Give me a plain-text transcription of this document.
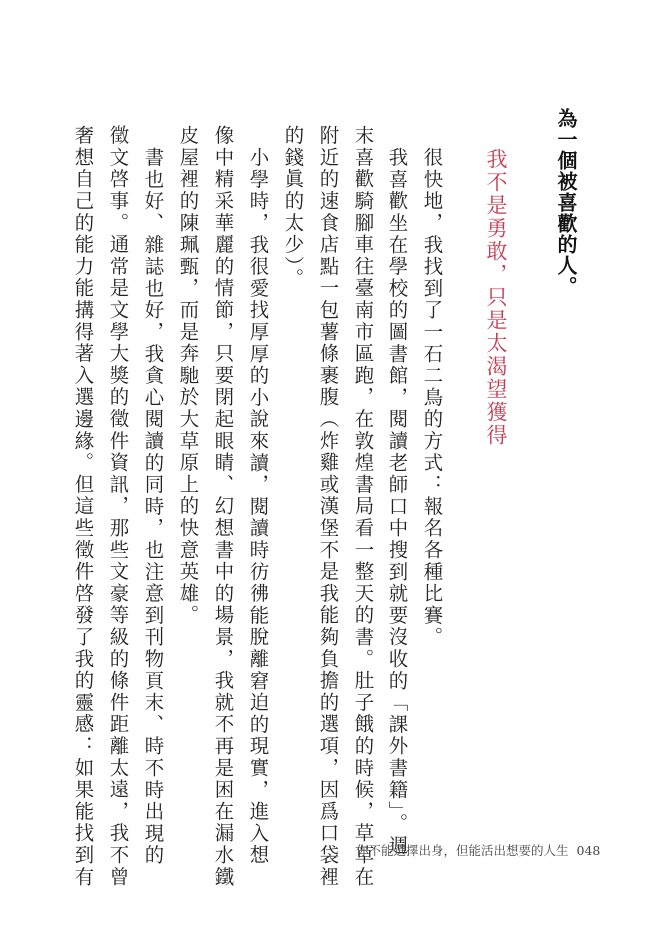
為一個被喜歡的人。
我不是勇敢，只是太渴望獲得
很快地，我找到了一石二鳥的方式：報名各種比賽。
我喜歡坐在學校的圖書館，閱讀老師口中搜到就要沒收的「課外書籍」。週
末喜歡騎腳車往臺南市區跑，在敦煌書局看一整天的書。肚子餓的時候，草草在
附近的速食店點一包薯條裹腹（炸雞或漢堡不是我能夠負擔的選項，因爲口袋裡
的錢眞的太少）。
小學時，我很愛找厚厚的小說來讀，閱讀時彷彿能脫離窘迫的現實，進入想
像中精采華麗的情節，只要閉起眼睛、幻想書中的場景，我就不再是困在漏水鐵
皮屋裡的陳珮甄，而是奔馳於大草原上的快意英雄。
書也好、雜誌也好，我貪心閱讀的同時，也注意到刊物頁末、時不時出現的
徵文啓事。通常是文學大獎的徵件資訊，那些文豪等級的條件距離太遠，我不曾
奢想自己的能力能搆得著入選邊緣。但這些徵件啓發了我的靈感：如果能找到有	你不能選擇出身，但能活出想要的人生 048
